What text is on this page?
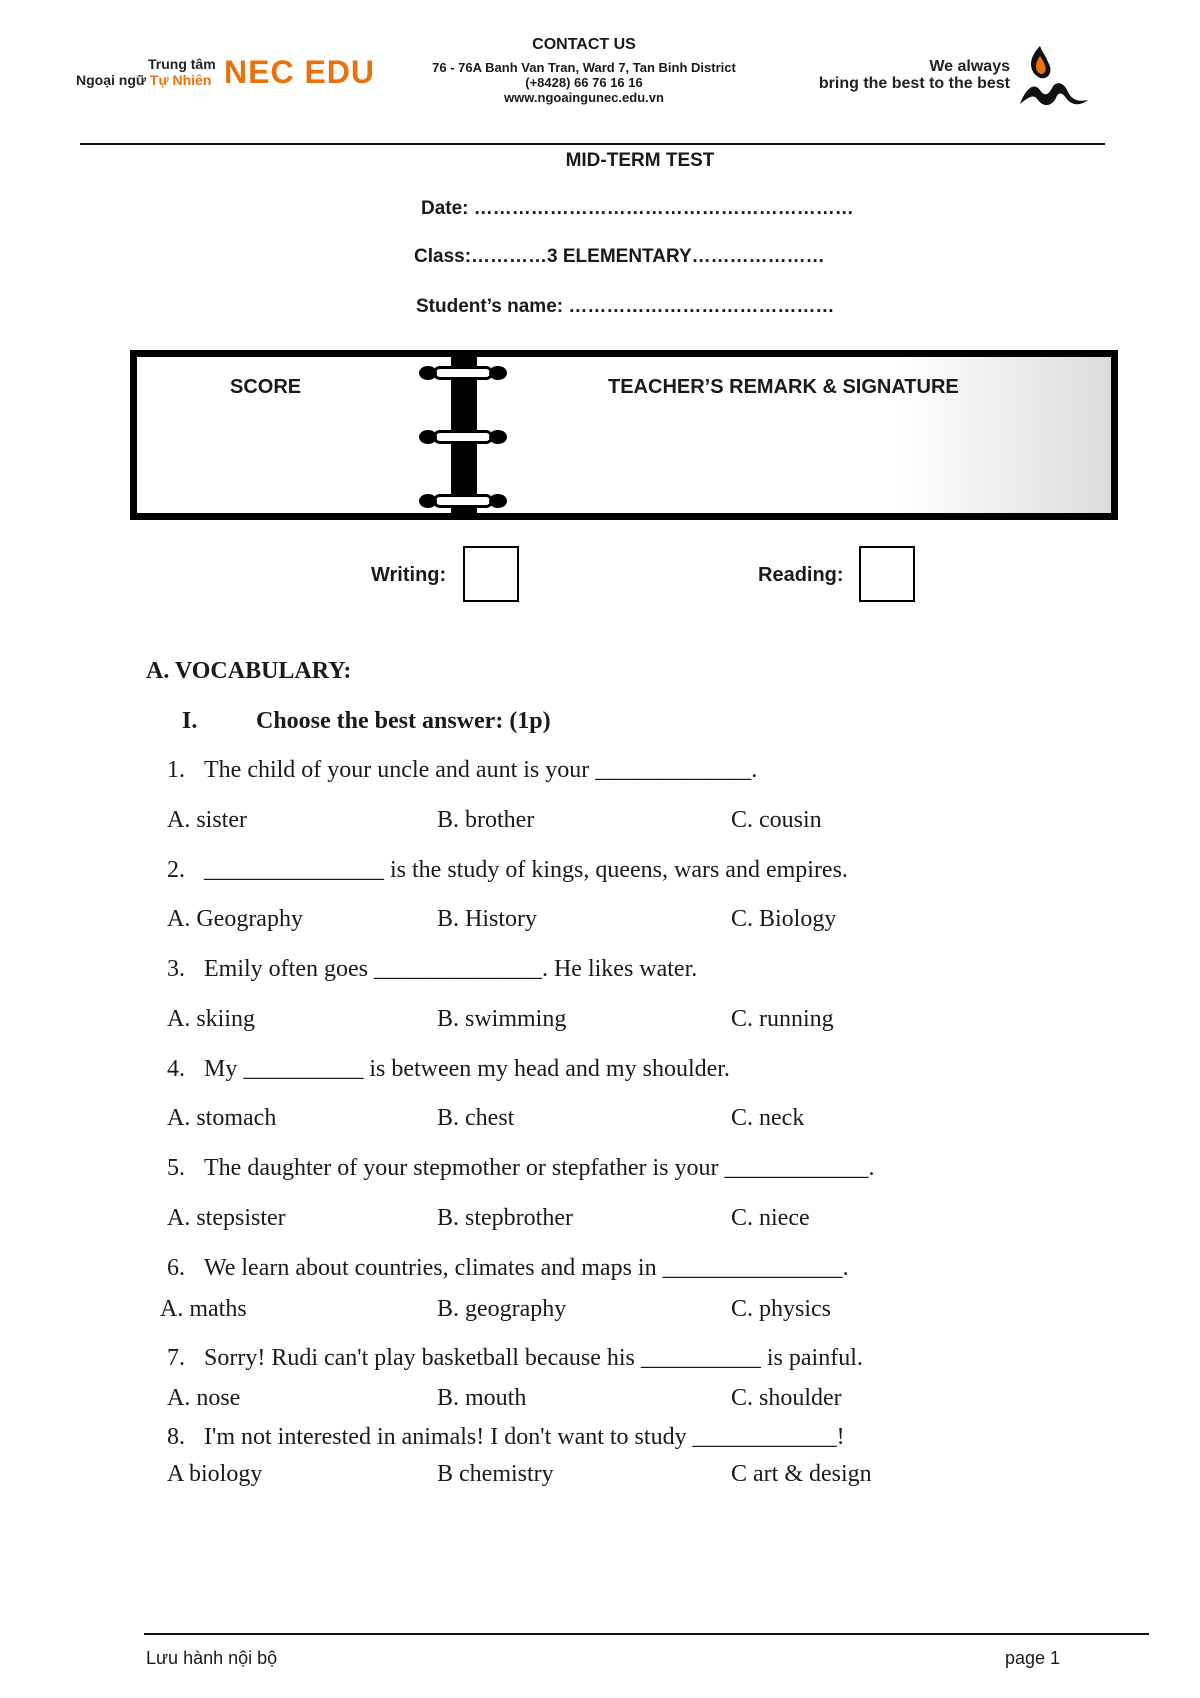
Trung tâm
Ngoại ngữ Tự Nhiên NEC EDU
CONTACT US
76 - 76A Banh Van Tran, Ward 7, Tan Binh District
(+8428) 66 76 16 16
www.ngoaingunec.edu.vn
We always
bring the best to the best
MID-TERM TEST
Date: ……………………………………………………
Class:…………3 ELEMENTARY…………………
Student’s name: ……………………………………
SCORE	TEACHER’S REMARK & SIGNATURE
Writing:	Reading:
A. VOCABULARY:
I. Choose the best answer: (1p)
1. The child of your uncle and aunt is your _____________.
A. sister	B. brother	C. cousin
2. _______________ is the study of kings, queens, wars and empires.
A. Geography	B. History	C. Biology
3. Emily often goes ______________. He likes water.
A. skiing	B. swimming	C. running
4. My __________ is between my head and my shoulder.
A. stomach	B. chest	C. neck
5. The daughter of your stepmother or stepfather is your ____________.
A. stepsister	B. stepbrother	C. niece
6. We learn about countries, climates and maps in _______________.
A. maths	B. geography	C. physics
7. Sorry! Rudi can't play basketball because his __________ is painful.
A. nose	B. mouth	C. shoulder
8. I'm not interested in animals! I don't want to study ____________!
A biology	B chemistry	C art & design
Lưu hành nội bộ	page 1
